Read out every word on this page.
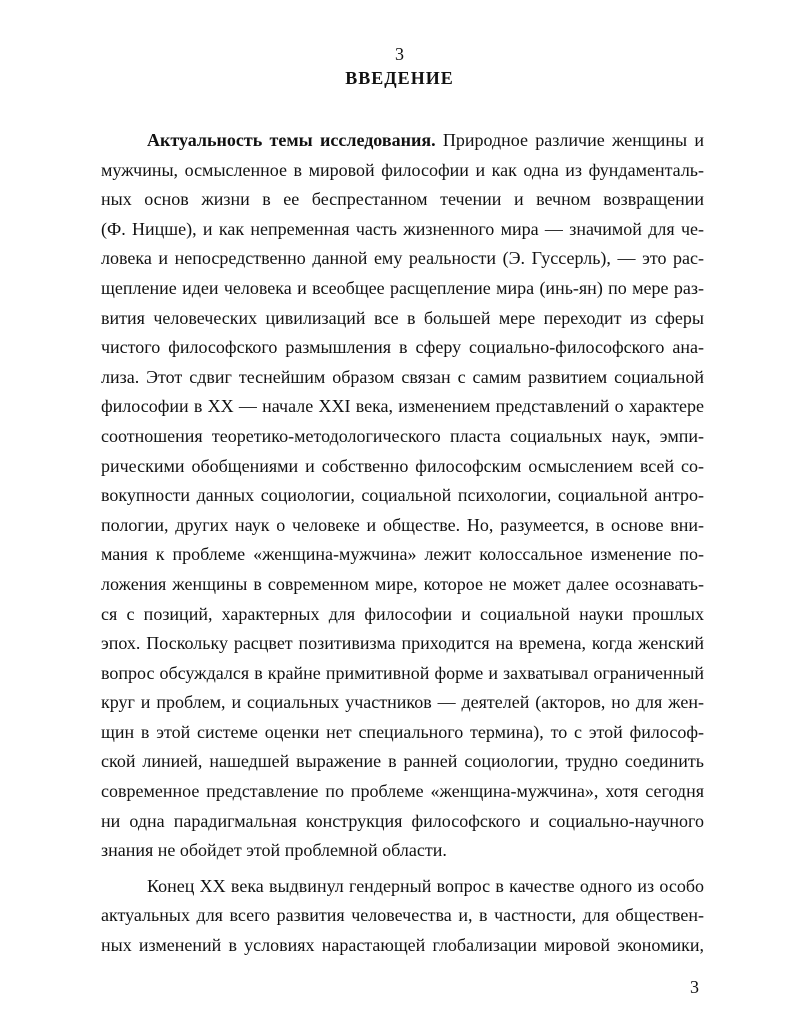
3
ВВЕДЕНИЕ
Актуальность темы исследования. Природное различие женщины и
мужчины, осмысленное в мировой философии и как одна из фундаменталь-
ных основ жизни в ее беспрестанном течении и вечном возвращении
(Ф. Ницше), и как непременная часть жизненного мира — значимой для че-
ловека и непосредственно данной ему реальности (Э. Гуссерль), — это рас-
щепление идеи человека и всеобщее расщепление мира (инь-ян) по мере раз-
вития человеческих цивилизаций все в большей мере переходит из сферы
чистого философского размышления в сферу социально-философского ана-
лиза. Этот сдвиг теснейшим образом связан с самим развитием социальной
философии в XX — начале XXI века, изменением представлений о характере
соотношения теоретико-методологического пласта социальных наук, эмпи-
рическими обобщениями и собственно философским осмыслением всей со-
вокупности данных социологии, социальной психологии, социальной антро-
пологии, других наук о человеке и обществе. Но, разумеется, в основе вни-
мания к проблеме «женщина-мужчина» лежит колоссальное изменение по-
ложения женщины в современном мире, которое не может далее осознавать-
ся с позиций, характерных для философии и социальной науки прошлых
эпох. Поскольку расцвет позитивизма приходится на времена, когда женский
вопрос обсуждался в крайне примитивной форме и захватывал ограниченный
круг и проблем, и социальных участников — деятелей (акторов, но для жен-
щин в этой системе оценки нет специального термина), то с этой философ-
ской линией, нашедшей выражение в ранней социологии, трудно соединить
современное представление по проблеме «женщина-мужчина», хотя сегодня
ни одна парадигмальная конструкция философского и социально-научного
знания не обойдет этой проблемной области.
Конец XX века выдвинул гендерный вопрос в качестве одного из особо
актуальных для всего развития человечества и, в частности, для обществен-
ных изменений в условиях нарастающей глобализации мировой экономики,
3
